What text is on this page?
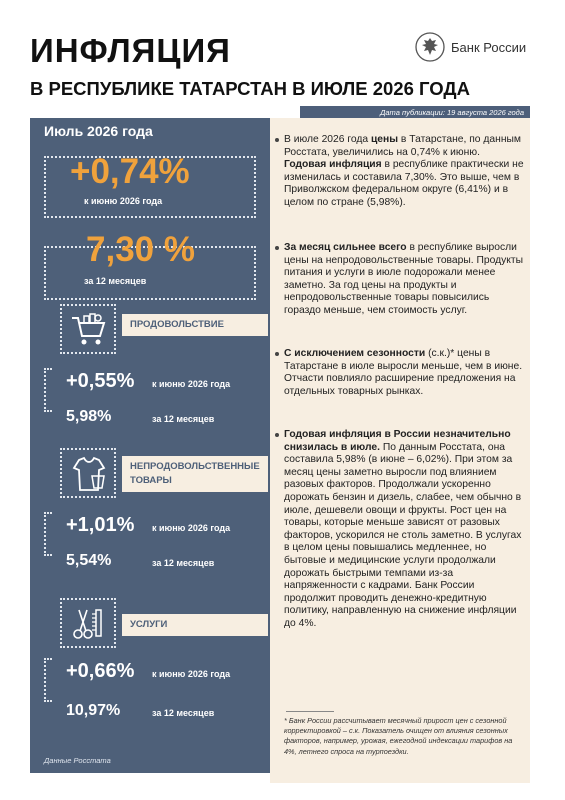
ИНФЛЯЦИЯ
В РЕСПУБЛИКЕ ТАТАРСТАН В ИЮЛЕ 2026 ГОДА
Банк России
Дата публикации: 19 августа 2026 года
Июль 2026 года
+0,74%
к июню 2026 года
7,30 %
за 12 месяцев
ПРОДОВОЛЬСТВИЕ
+0,55% к июню 2026 года
5,98%	за 12 месяцев
НЕПРОДОВОЛЬСТВЕННЫЕ ТОВАРЫ
+1,01% к июню 2026 года
5,54%	за 12 месяцев
УСЛУГИ
+0,66% к июню 2026 года
10,97%	за 12 месяцев
Данные Росстата
В июле 2026 года цены в Татарстане, по данным Росстата, увеличились на 0,74% к июню. Годовая инфляция в республике практически не изменилась и составила 7,30%. Это выше, чем в Приволжском федеральном округе (6,41%) и в целом по стране (5,98%).
За месяц сильнее всего в республике выросли цены на непродовольственные товары. Продукты питания и услуги в июле подорожали менее заметно. За год цены на продукты и непродовольственные товары повысились гораздо меньше, чем стоимость услуг.
С исключением сезонности (с.к.)* цены в Татарстане в июле выросли меньше, чем в июне. Отчасти повлияло расширение предложения на отдельных товарных рынках.
Годовая инфляция в России незначительно снизилась в июле. По данным Росстата, она составила 5,98% (в июне – 6,02%). При этом за месяц цены заметно выросли под влиянием разовых факторов. Продолжали ускоренно дорожать бензин и дизель, слабее, чем обычно в июле, дешевели овощи и фрукты. Рост цен на товары, которые меньше зависят от разовых факторов, ускорился не столь заметно. В услугах в целом цены повышались медленнее, но бытовые и медицинские услуги продолжали дорожать быстрыми темпами из-за напряженности с кадрами. Банк России продолжит проводить денежно-кредитную политику, направленную на снижение инфляции до 4%.
* Банк России рассчитывает месячный прирост цен с сезонной корректировкой – с.к. Показатель очищен от влияния сезонных факторов, например, урожая, ежегодной индексации тарифов на 4%, летнего спроса на турпоездки.
